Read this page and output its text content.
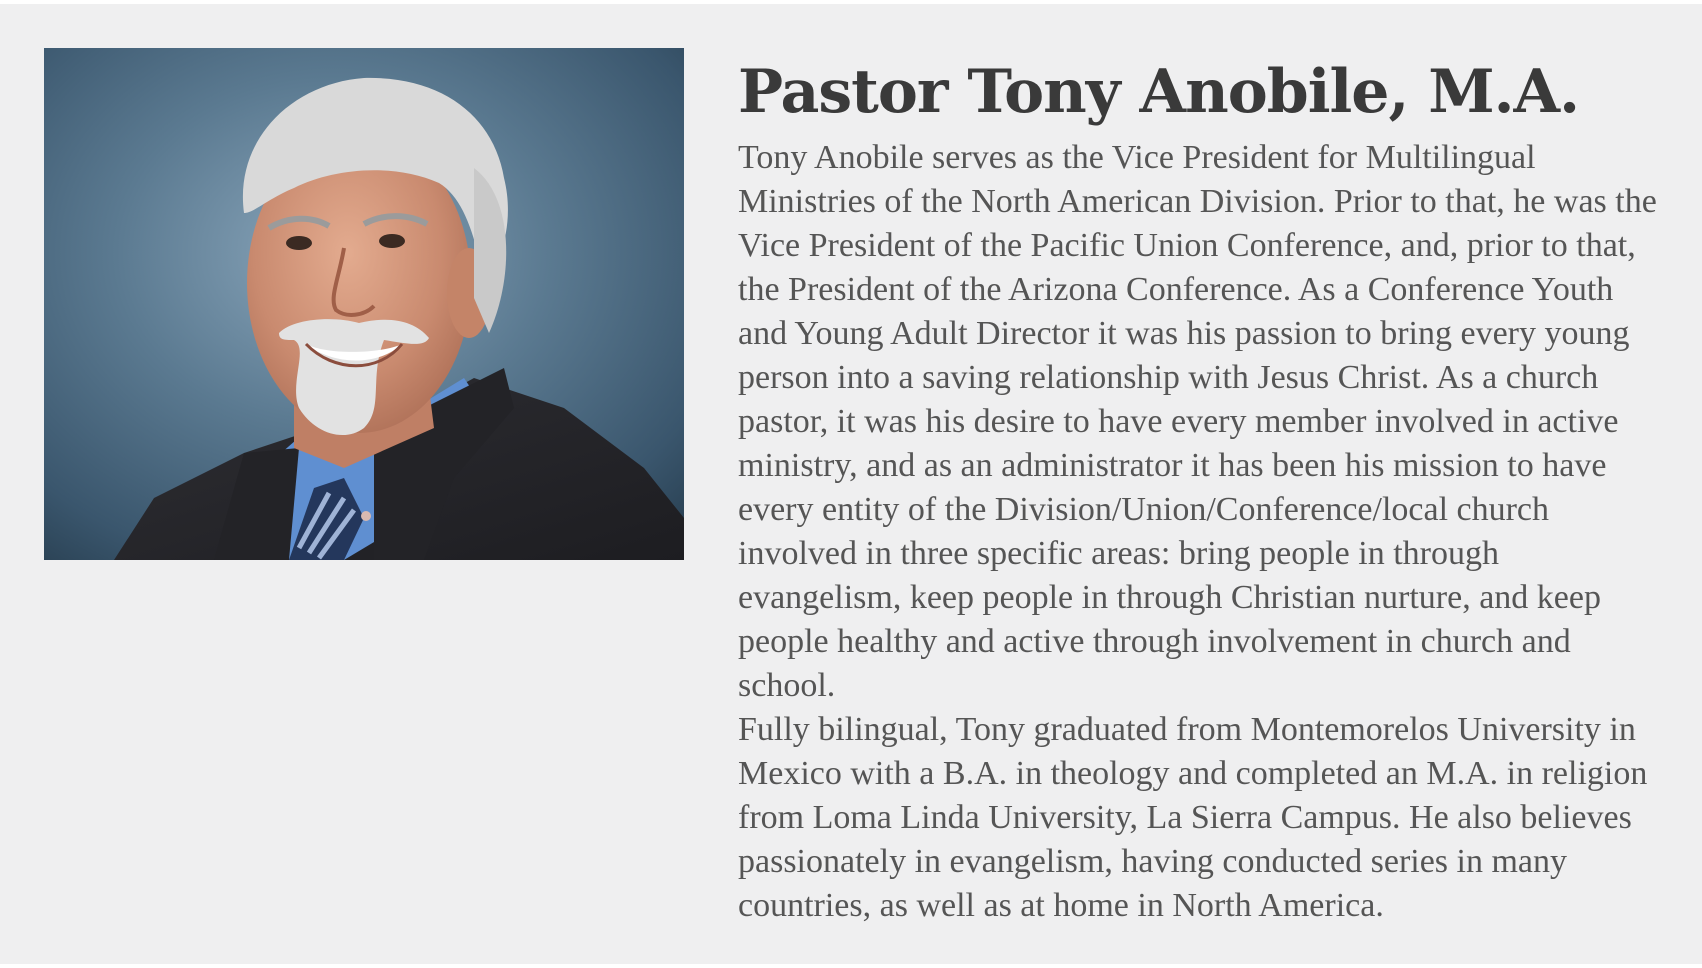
Pastor Tony Anobile, M.A.

Tony Anobile serves as the Vice President for Multilingual Ministries of the North American Division. Prior to that, he was the Vice President of the Pacific Union Conference, and, prior to that, the President of the Arizona Conference. As a Conference Youth and Young Adult Director it was his passion to bring every young person into a saving relationship with Jesus Christ. As a church pastor, it was his desire to have every member involved in active ministry, and as an administrator it has been his mission to have every entity of the Division/Union/Conference/local church involved in three specific areas: bring people in through evangelism, keep people in through Christian nurture, and keep people healthy and active through involvement in church and school.

Fully bilingual, Tony graduated from Montemorelos University in Mexico with a B.A. in theology and completed an M.A. in religion from Loma Linda University, La Sierra Campus. He also believes passionately in evangelism, having conducted series in many countries, as well as at home in North America.
